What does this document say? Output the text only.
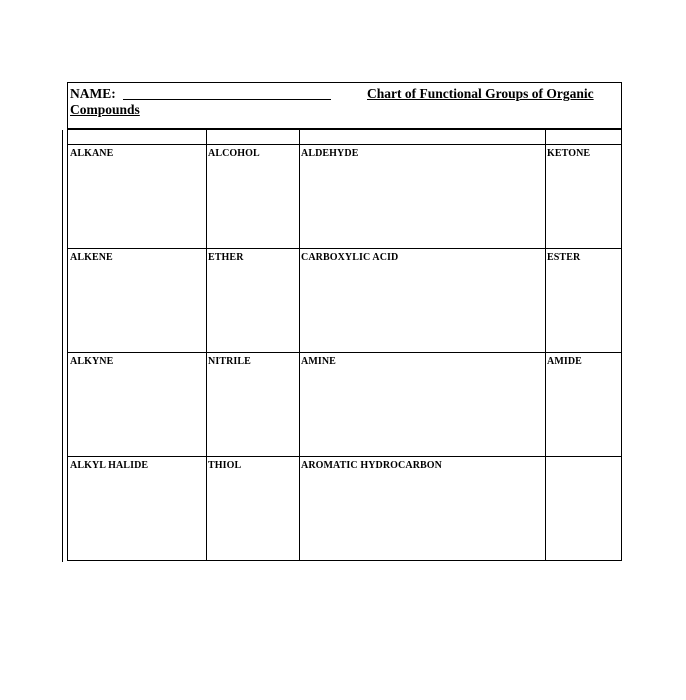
NAME:	Chart of Functional Groups of Organic
Compounds
ALKANE	ALCOHOL	ALDEHYDE	KETONE
ALKENE	ETHER	CARBOXYLIC ACID	ESTER
ALKYNE	NITRILE	AMINE	AMIDE
ALKYL HALIDE	THIOL	AROMATIC HYDROCARBON
